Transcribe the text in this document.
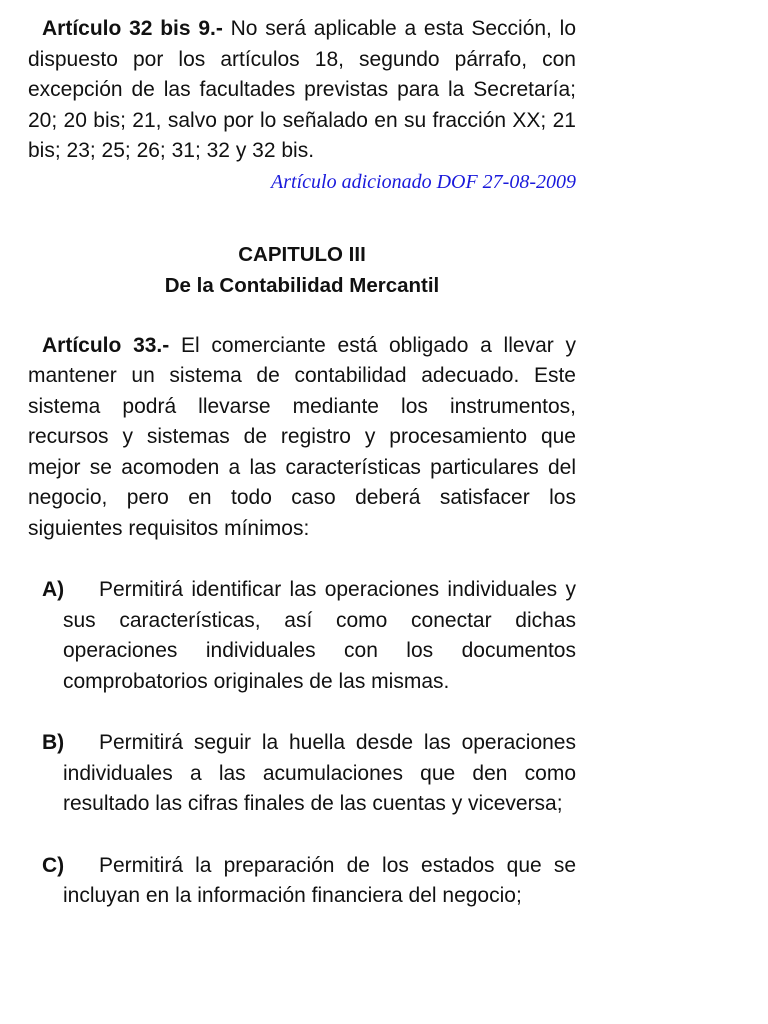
Artículo 32 bis 9.- No será aplicable a esta Sección, lo dispuesto por los artículos 18, segundo párrafo, con excepción de las facultades previstas para la Secretaría; 20; 20 bis; 21, salvo por lo señalado en su fracción XX; 21 bis; 23; 25; 26; 31; 32 y 32 bis.

Artículo adicionado DOF 27-08-2009

CAPITULO III
De la Contabilidad Mercantil

Artículo 33.- El comerciante está obligado a llevar y mantener un sistema de contabilidad adecuado. Este sistema podrá llevarse mediante los instrumentos, recursos y sistemas de registro y procesamiento que mejor se acomoden a las características particulares del negocio, pero en todo caso deberá satisfacer los siguientes requisitos mínimos:

A)	Permitirá identificar las operaciones individuales y sus características, así como conectar dichas operaciones individuales con los documentos comprobatorios originales de las mismas.
B)	Permitirá seguir la huella desde las operaciones individuales a las acumulaciones que den como resultado las cifras finales de las cuentas y viceversa;
C)	Permitirá la preparación de los estados que se incluyan en la información financiera del negocio;
